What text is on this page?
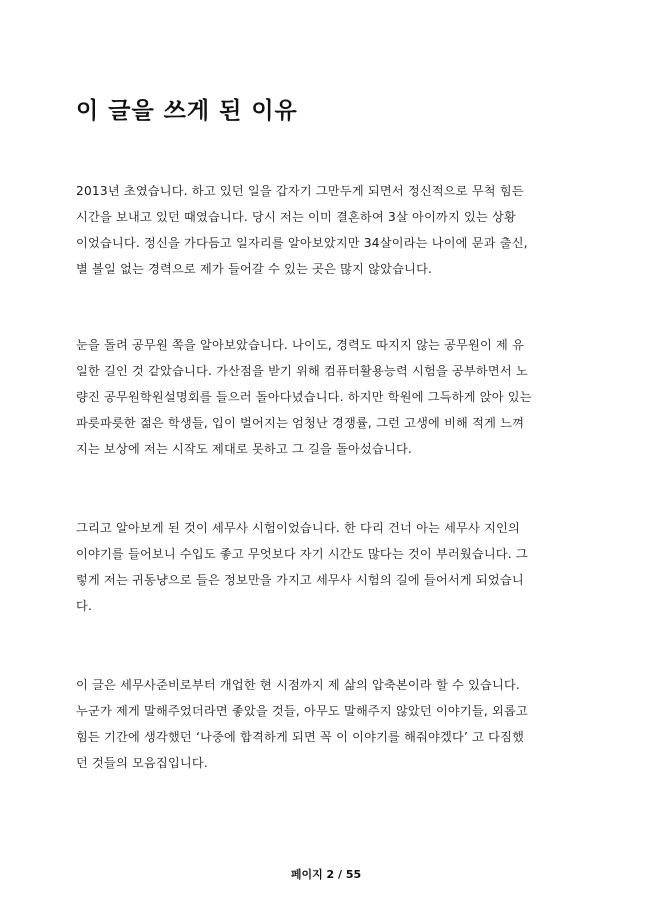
이 글을 쓰게 된 이유
2013년 초였습니다. 하고 있던 일을 갑자기 그만두게 되면서 정신적으로 무척 힘든
시간을 보내고 있던 때였습니다. 당시 저는 이미 결혼하여 3살 아이까지 있는 상황
이었습니다. 정신을 가다듬고 일자리를 알아보았지만 34살이라는 나이에 문과 출신,
별 볼일 없는 경력으로 제가 들어갈 수 있는 곳은 많지 않았습니다.
눈을 돌려 공무원 쪽을 알아보았습니다. 나이도, 경력도 따지지 않는 공무원이 제 유
일한 길인 것 같았습니다. 가산점을 받기 위해 컴퓨터활용능력 시험을 공부하면서 노
량진 공무원학원설명회를 들으러 돌아다녔습니다. 하지만 학원에 그득하게 앉아 있는
파릇파릇한 젊은 학생들, 입이 벌어지는 엄청난 경쟁률, 그런 고생에 비해 적게 느껴
지는 보상에 저는 시작도 제대로 못하고 그 길을 돌아섰습니다.
그리고 알아보게 된 것이 세무사 시험이었습니다. 한 다리 건너 아는 세무사 지인의
이야기를 들어보니 수입도 좋고 무엇보다 자기 시간도 많다는 것이 부러웠습니다. 그
렇게 저는 귀동냥으로 들은 정보만을 가지고 세무사 시험의 길에 들어서게 되었습니
다.
이 글은 세무사준비로부터 개업한 현 시점까지 제 삶의 압축본이라 할 수 있습니다.
누군가 제게 말해주었더라면 좋았을 것들, 아무도 말해주지 않았던 이야기들, 외롭고
힘든 기간에 생각했던 ‘나중에 합격하게 되면 꼭 이 이야기를 해줘야겠다’ 고 다짐했
던 것들의 모음집입니다.
페이지 2 / 55
